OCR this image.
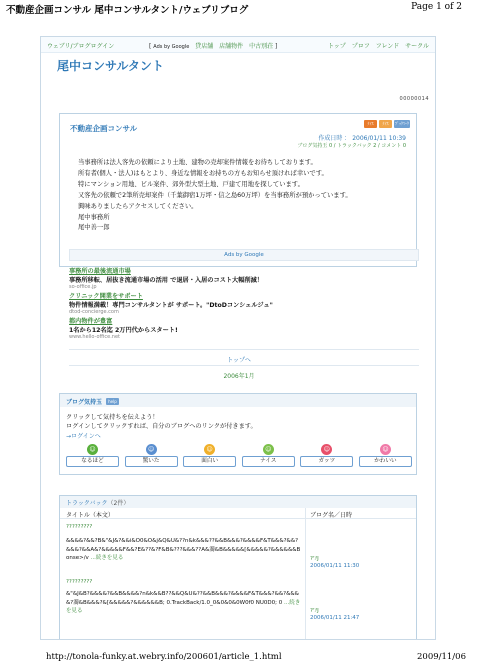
不動産企画コンサル 尾中コンサルタント/ウェブリブログ	Page 1 of 2
ウェブリ/ブログログイン	[ Ads by Google 貸店舗 店舗物件 中古別荘 ]	トップ プロフ フレンド サークル
尾中コンサルタント
00000014
不動産企画コンサル
ﾅｲｽ	ﾅｲｽ	ﾌﾞｯｸﾏｰｸ
作成日時 ： 2006/01/11 10:39
ブログ気持玉 0 / トラックバック 2 / コメント 0
当事務所は法人客先の依頼により土地、建物の売却案件情報をお待ちしております。
所有者(個人・法人)はもとより、身近な情報をお持ちの方もお知らせ頂ければ幸いです。
特にマンション用地、ビル案件、郊外型大型土地、戸建て用地を探しています。
又客先の依頼で2筆所売却案件（千葉御宿1万坪・信之島60万坪）を当事務所が預かっています。
興味ありましたらアクセスしてください。
尾中事務所
尾中善一郎
Ads by Google
事務所の最後流通市場
事務所移転、居抜き流通市場の活用 で退居・入居のコスト大幅削減！
so-office.jp
クリニック開業をサポート
物件情報満載！専門コンサルタントが サポート。"DtoDコンシェルジュ"
dtod-concierge.com
都内物件が豊富
1名から12名迄 2万円代からスタート!
www.hello-office.net
トップへ
2006年1月
ブログ気持玉 help
クリックして気持ちを伝えよう！
ログインしてクリックすれば、自分のブログへのリンクが付きます。
→ログインへ
☺
なるほど
☺
驚いた
☺
面白い
☺
ナイス
☺
ガッツ
☺
かわいい
トラックバック（2件）
タイトル（本文）	ブログ名／日時
?????????
&&&&?&&?B&"&J&?&&i&O0&O&j&Q&U&??n&k&&&??&&B&&&?&&&&F&T&&&?&&?&&&?&&A&?&&&&&F&&?E&??&?F&B&???&&&??A&濁&B&&&&&[&&&&&?&&&&&&Bonse>/v ...続きを見る	?'ｿJ
2006/01/11 11:30
?????????
&"&J&B?&&&&?&&B&&&&?n&k&&B??&&Q&U&??&&B&&&?&&&&F&T&&&?&&?&&&&?濁&B&&&?&[&&&&&?&&&&&&B; 0.TrackBack/1.0_0&0&0&0W0f0 NU0D0; 0 ...続きを見る	?'ｿJ
2006/01/11 21:47
http://tonola-funky.at.webry.info/200601/article_1.html	2009/11/06
